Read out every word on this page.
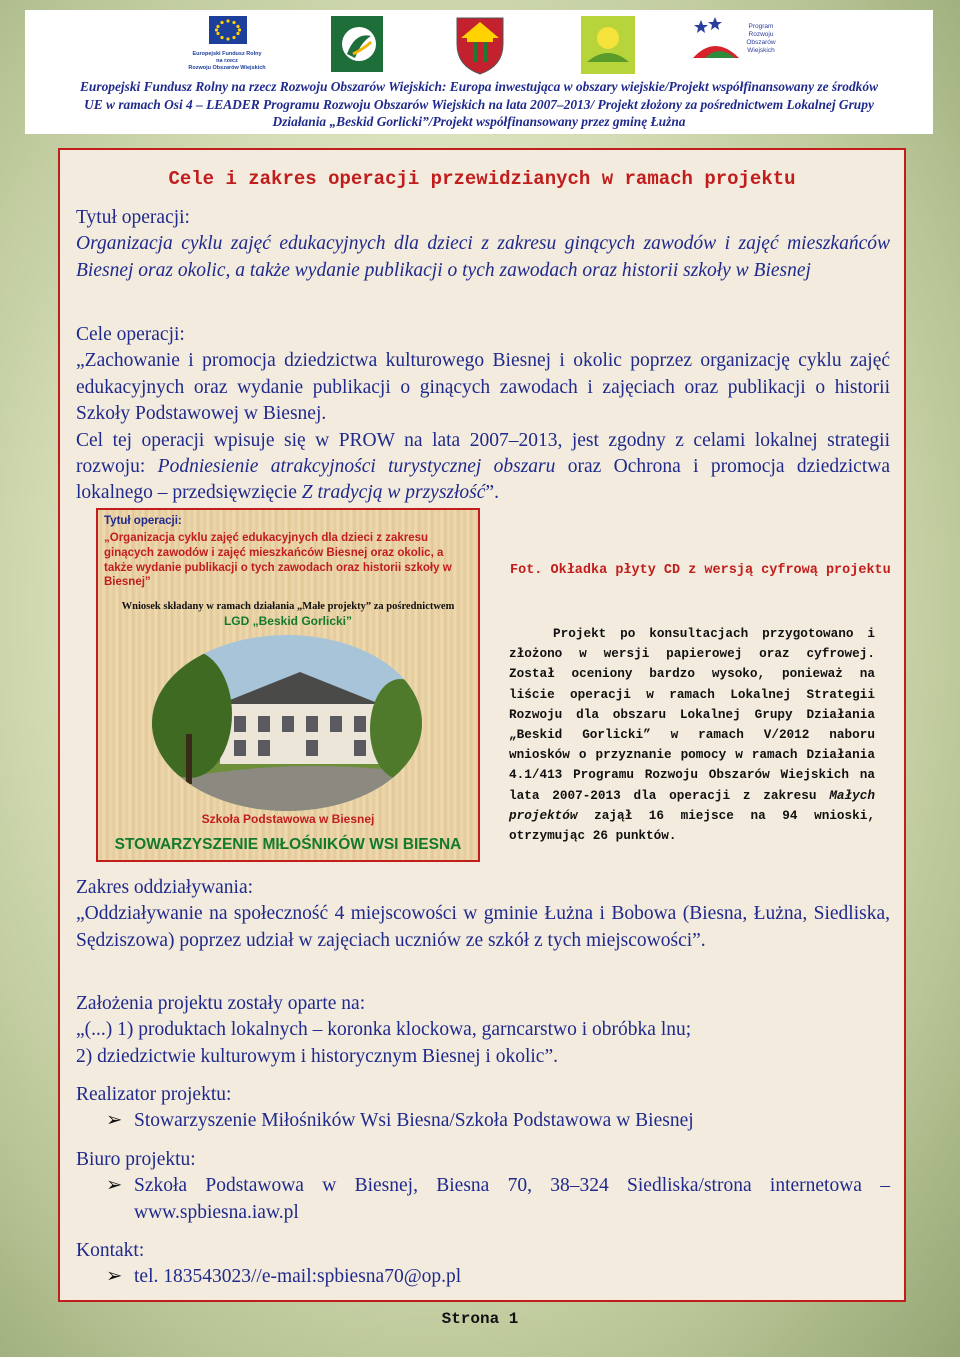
Europejski Fundusz Rolny
na rzecz
Rozwoju Obszarów Wiejskich
Program
Rozwoju
Obszarów
Wiejskich
Europejski Fundusz Rolny na rzecz Rozwoju Obszarów Wiejskich: Europa inwestująca w obszary wiejskie/Projekt współfinansowany ze środków
UE w ramach Osi 4 – LEADER Programu Rozwoju Obszarów Wiejskich na lata 2007–2013/ Projekt złożony za pośrednictwem Lokalnej Grupy
Działania „Beskid Gorlicki”/Projekt współfinansowany przez gminę Łużna
Cele i zakres operacji przewidzianych w ramach projektu
Tytuł operacji:
Organizacja cyklu zajęć edukacyjnych dla dzieci z zakresu ginących zawodów i zajęć mieszkańców Biesnej oraz okolic, a także wydanie publikacji o tych zawodach oraz historii szkoły w Biesnej
Cele operacji:
„Zachowanie i promocja dziedzictwa kulturowego Biesnej i okolic poprzez organizację cyklu zajęć edukacyjnych oraz wydanie publikacji o ginących zawodach i zajęciach oraz publikacji o historii Szkoły Podstawowej w Biesnej.
Cel tej operacji wpisuje się w PROW na lata 2007–2013, jest zgodny z celami lokalnej strategii rozwoju: Podniesienie atrakcyjności turystycznej obszaru oraz Ochrona i promocja dziedzictwa lokalnego – przedsięwzięcie Z tradycją w przyszłość”.
Tytuł operacji:
„Organizacja cyklu zajęć edukacyjnych dla dzieci z zakresu ginących zawodów i zajęć mieszkańców Biesnej oraz okolic, a także wydanie publikacji o tych zawodach oraz historii szkoły w Biesnej”
Wniosek składany w ramach działania „Małe projekty” za pośrednictwem
LGD „Beskid Gorlicki”
Szkoła Podstawowa w Biesnej
STOWARZYSZENIE MIŁOŚNIKÓW WSI BIESNA
Fot. Okładka płyty CD z wersją cyfrową projektu
Projekt po konsultacjach przygotowano i złożono w wersji papierowej oraz cyfrowej. Został oceniony bardzo wysoko, ponieważ na liście operacji w ramach Lokalnej Strategii Rozwoju dla obszaru Lokalnej Grupy Działania „Beskid Gorlicki” w ramach V/2012 naboru wniosków o przyznanie pomocy w ramach Działania 4.1/413 Programu Rozwoju Obszarów Wiejskich na lata 2007-2013 dla operacji z zakresu Małych projektów zajął 16 miejsce na 94 wnioski, otrzymując 26 punktów.
Zakres oddziaływania:
„Oddziaływanie na społeczność 4 miejscowości w gminie Łużna i Bobowa (Biesna, Łużna, Siedliska, Sędziszowa) poprzez udział w zajęciach uczniów ze szkół z tych miejscowości”.
Założenia projektu zostały oparte na:
„(...) 1) produktach lokalnych – koronka klockowa, garncarstwo i obróbka lnu;
2) dziedzictwie kulturowym i historycznym Biesnej i okolic”.
Realizator projektu:
➢ Stowarzyszenie Miłośników Wsi Biesna/Szkoła Podstawowa w Biesnej
Biuro projektu:
➢ Szkoła Podstawowa w Biesnej, Biesna 70, 38–324 Siedliska/strona internetowa – www.spbiesna.iaw.pl
Kontakt:
➢ tel. 183543023//e-mail:spbiesna70@op.pl
Strona 1
